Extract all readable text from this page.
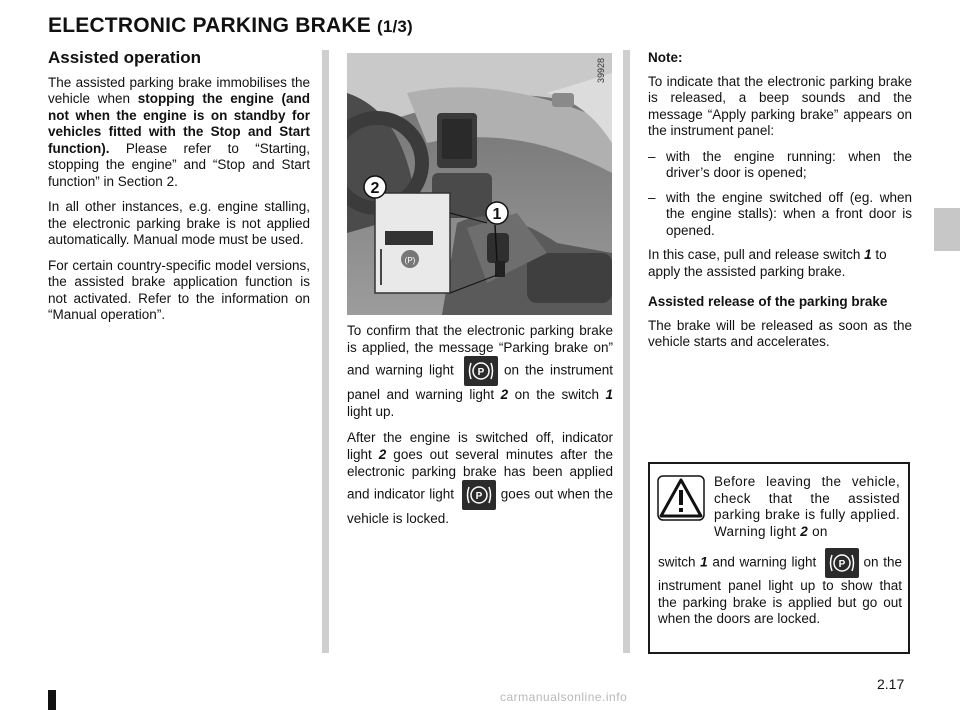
ELECTRONIC PARKING BRAKE (1/3)
Assisted operation

The assisted parking brake immobilises the vehicle when stopping the engine (and not when the engine is on standby for vehicles fitted with the Stop and Start function). Please refer to “Starting, stopping the engine” and “Stop and Start function” in Section 2.

In all other instances, e.g. engine stalling, the electronic parking brake is not applied automatically. Manual mode must be used.

For certain country-specific model versions, the assisted brake application function is not activated. Refer to the information on “Manual operation”.

(P)
2
1
39928

To confirm that the electronic parking brake is applied, the message “Parking brake on” and warning light P on the instrument panel and warning light 2 on the switch 1 light up.

After the engine is switched off, indicator light 2 goes out several minutes after the electronic parking brake has been applied and indicator light P goes out when the vehicle is locked.

Note:

To indicate that the electronic parking brake is released, a beep sounds and the message “Apply parking brake” appears on the instrument panel:

– with the engine running: when the driver’s door is opened;
– with the engine switched off (eg. when the engine stalls): when a front door is opened.

In this case, pull and release switch 1 to apply the assisted parking brake.

Assisted release of the parking brake

The brake will be released as soon as the vehicle starts and accelerates.

Before leaving the vehicle, check that the assisted parking brake is fully applied. Warning light 2 on
switch 1 and warning light P on the instrument panel light up to show that the parking brake is applied but go out when the doors are locked.
2.17
carmanualsonline.info
